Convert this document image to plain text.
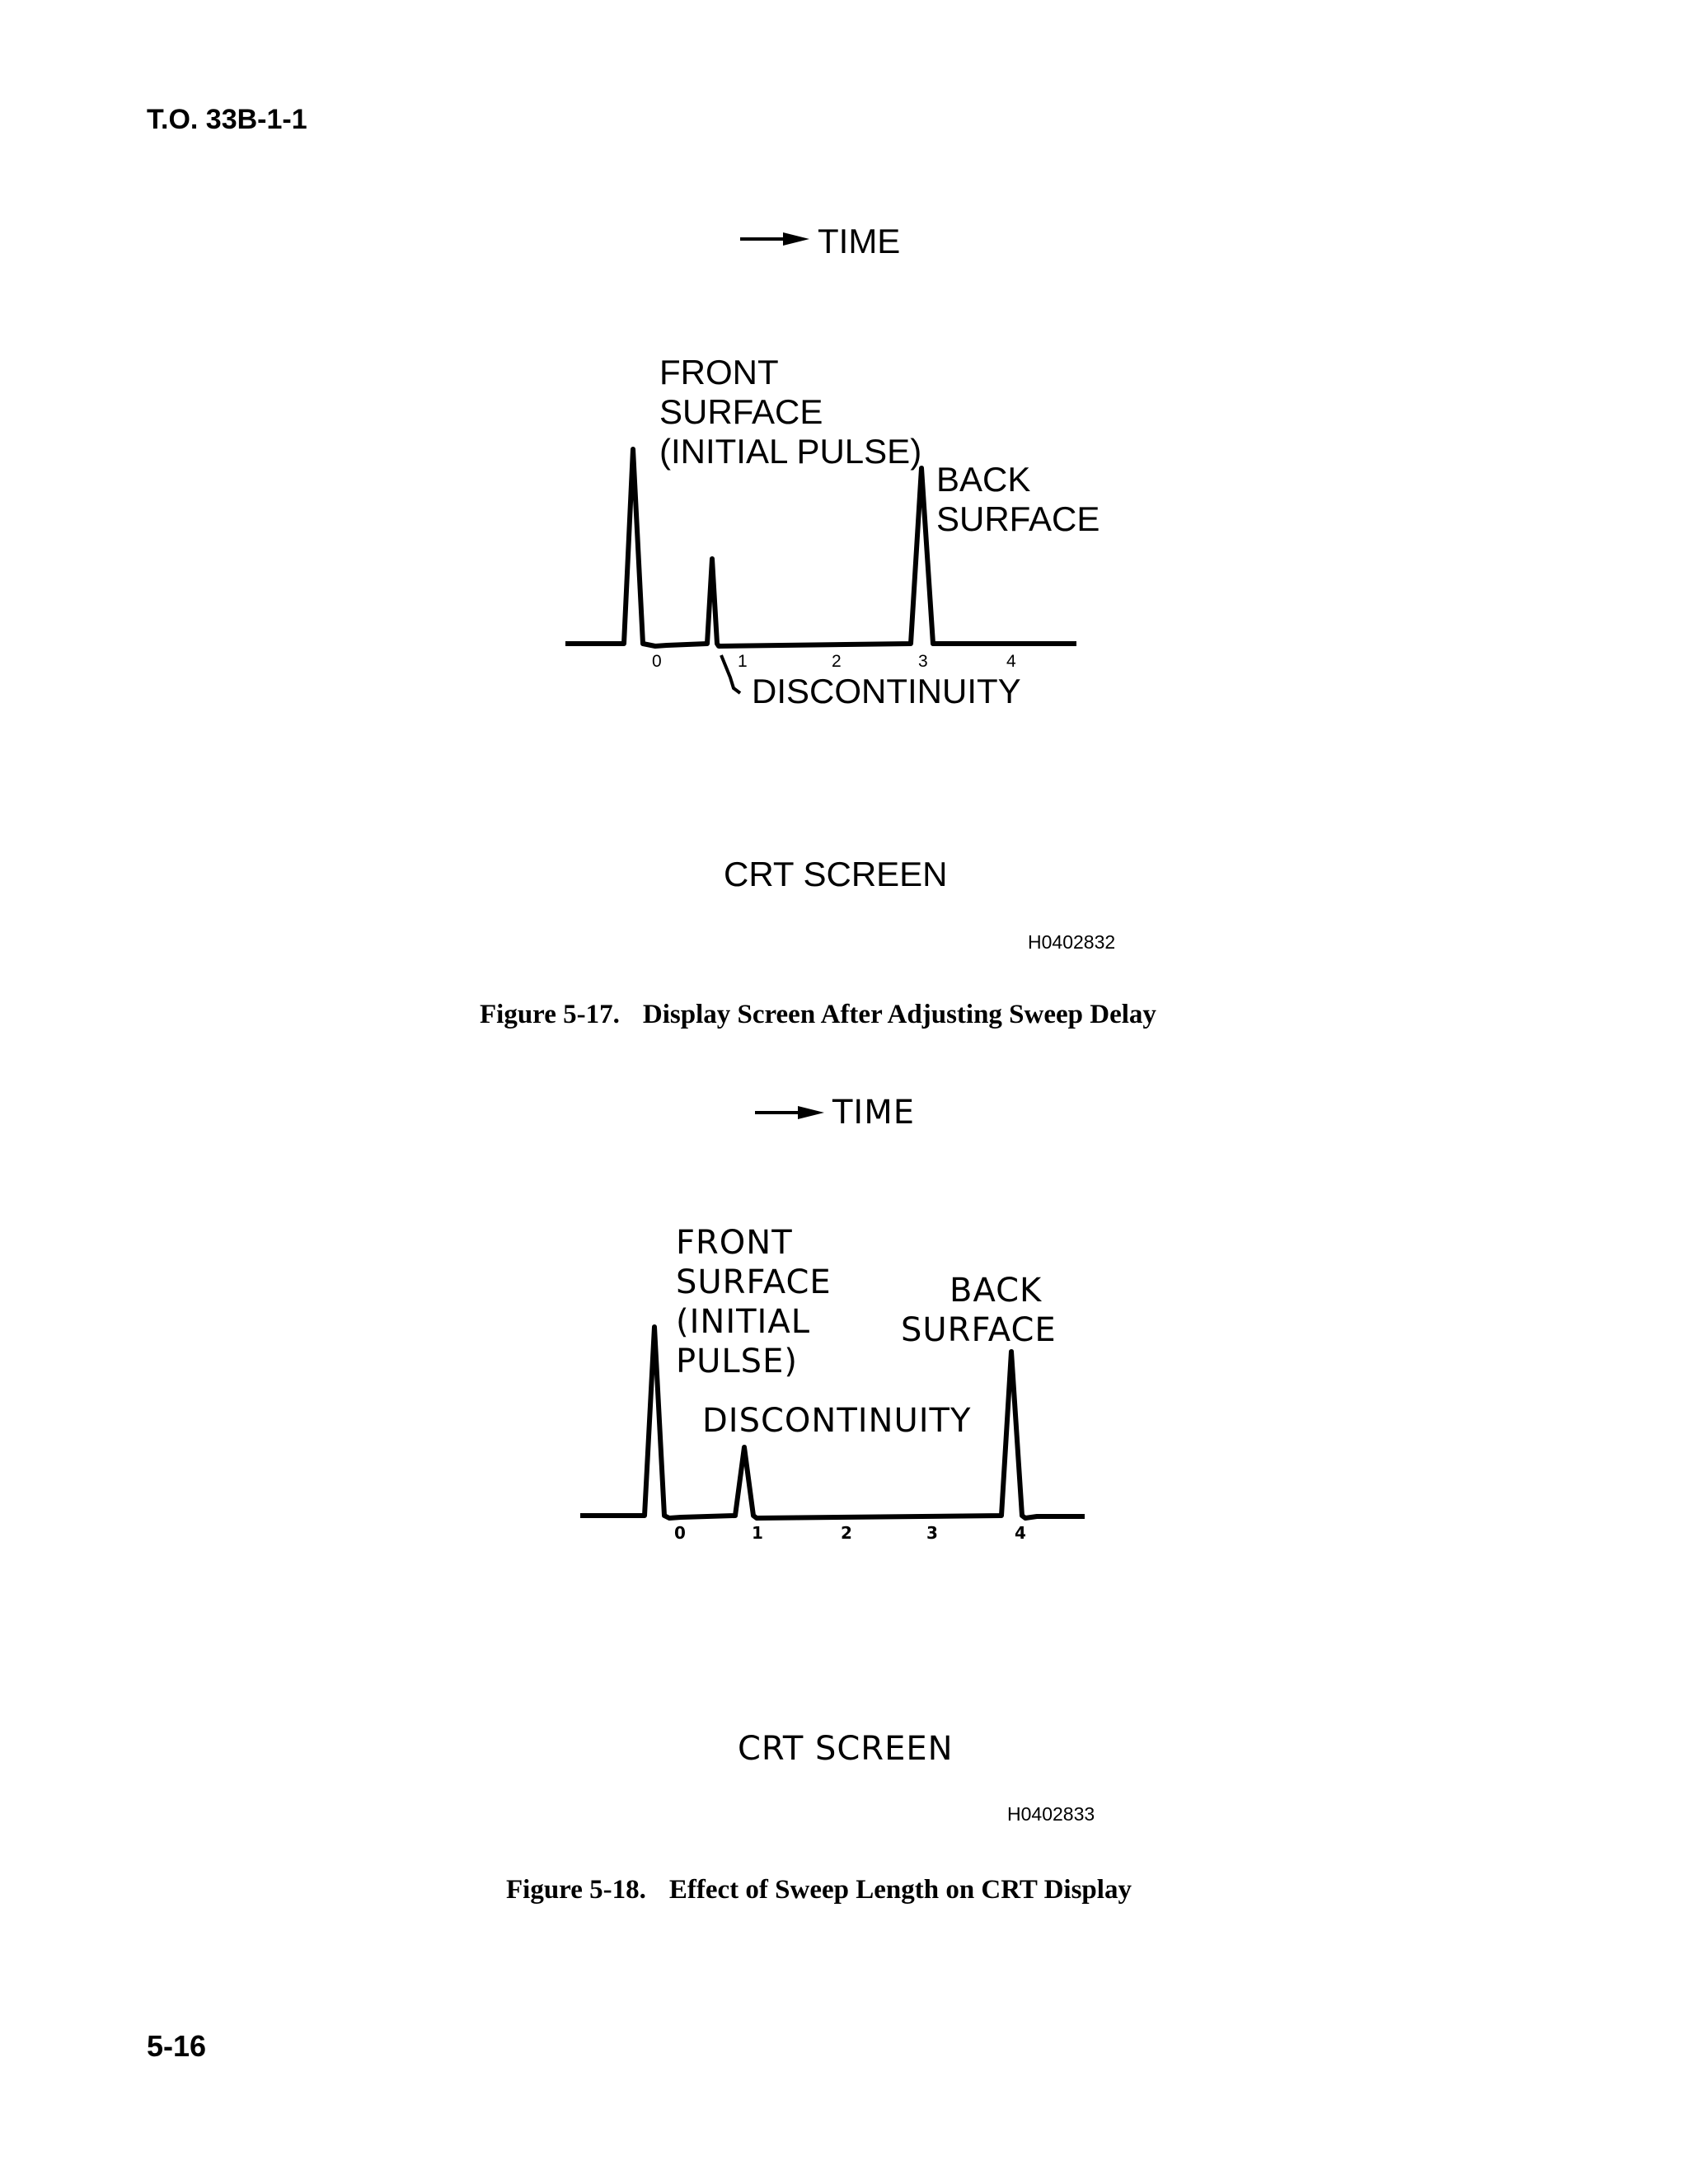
T.O. 33B-1-1
TIME
FRONT
SURFACE
(INITIAL PULSE)
BACK
SURFACE
0	1	2	3	4
DISCONTINUITY
CRT SCREEN
H0402832
Figure 5-17. Display Screen After Adjusting Sweep Delay
TIME
FRONT
SURFACE
(INITIAL
PULSE)
BACK
SURFACE
DISCONTINUITY
0	1	2	3	4
CRT SCREEN
H0402833
Figure 5-18. Effect of Sweep Length on CRT Display
5-16
